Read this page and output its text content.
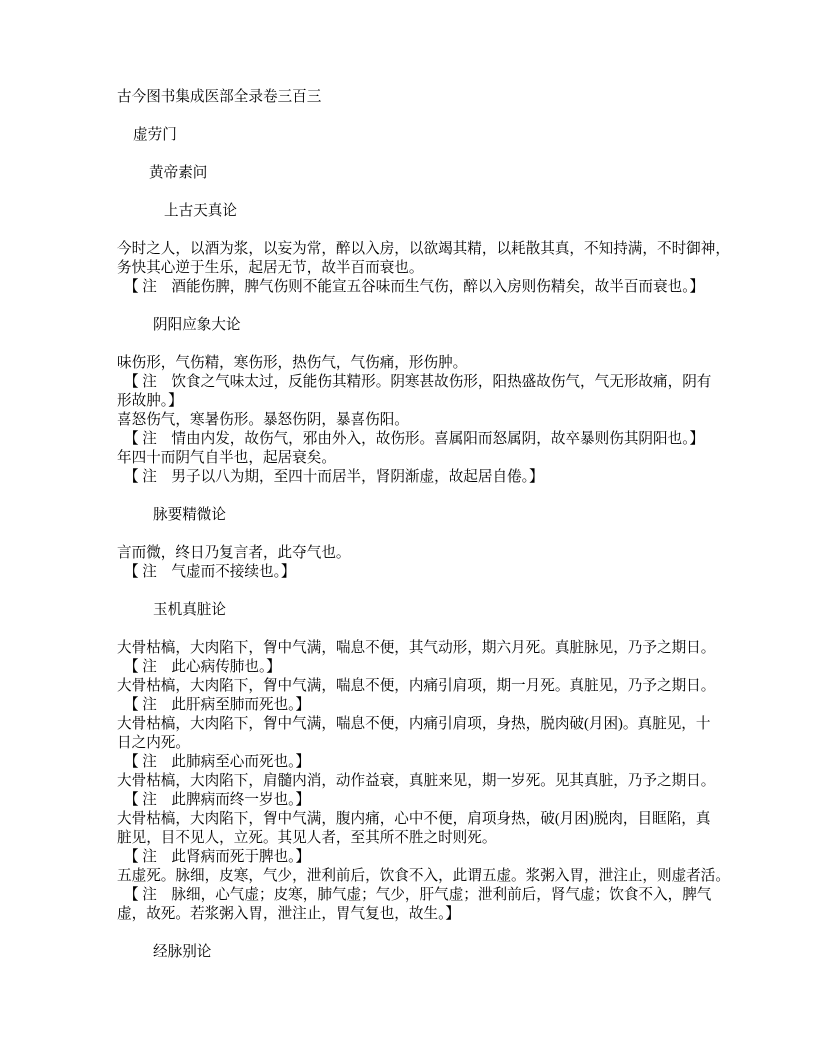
古今图书集成医部全录卷三百三
虚劳门
黄帝素问
上古天真论
今时之人，以酒为浆，以妄为常，醉以入房，以欲竭其精，以耗散其真，不知持满，不时御神，
务快其心逆于生乐，起居无节，故半百而衰也。
【 注　酒能伤脾，脾气伤则不能宣五谷味而生气伤，醉以入房则伤精矣，故半百而衰也。】
阴阳应象大论
味伤形，气伤精，寒伤形，热伤气，气伤痛，形伤肿。
【 注　饮食之气味太过，反能伤其精形。阴寒甚故伤形，阳热盛故伤气，气无形故痛，阴有
形故肿。】
喜怒伤气，寒暑伤形。暴怒伤阴，暴喜伤阳。
【 注　情由内发，故伤气，邪由外入，故伤形。喜属阳而怒属阴，故卒暴则伤其阴阳也。】
年四十而阴气自半也，起居衰矣。
【 注　男子以八为期，至四十而居半，肾阴渐虚，故起居自倦。】
脉要精微论
言而微，终日乃复言者，此夺气也。
【 注　气虚而不接续也。】
玉机真脏论
大骨枯槁，大肉陷下，胷中气满，喘息不便，其气动形，期六月死。真脏脉见，乃予之期日。
【 注　此心病传肺也。】
大骨枯槁，大肉陷下，胷中气满，喘息不便，内痛引肩项，期一月死。真脏见，乃予之期日。
【 注　此肝病至肺而死也。】
大骨枯槁，大肉陷下，胷中气满，喘息不便，内痛引肩项，身热，脱肉破(月困)。真脏见，十
日之内死。
【 注　此肺病至心而死也。】
大骨枯槁，大肉陷下，肩髓内消，动作益衰，真脏来见，期一岁死。见其真脏，乃予之期日。
【 注　此脾病而终一岁也。】
大骨枯槁，大肉陷下，胷中气满，腹内痛，心中不便，肩项身热，破(月困)脱肉，目眶陷，真
脏见，目不见人，立死。其见人者，至其所不胜之时则死。
【 注　此肾病而死于脾也。】
五虚死。脉细，皮寒，气少，泄利前后，饮食不入，此谓五虚。浆粥入胃，泄注止，则虚者活。
【 注　脉细，心气虚；皮寒，肺气虚；气少，肝气虚；泄利前后，肾气虚；饮食不入，脾气
虚，故死。若浆粥入胃，泄注止，胃气复也，故生。】
经脉别论
